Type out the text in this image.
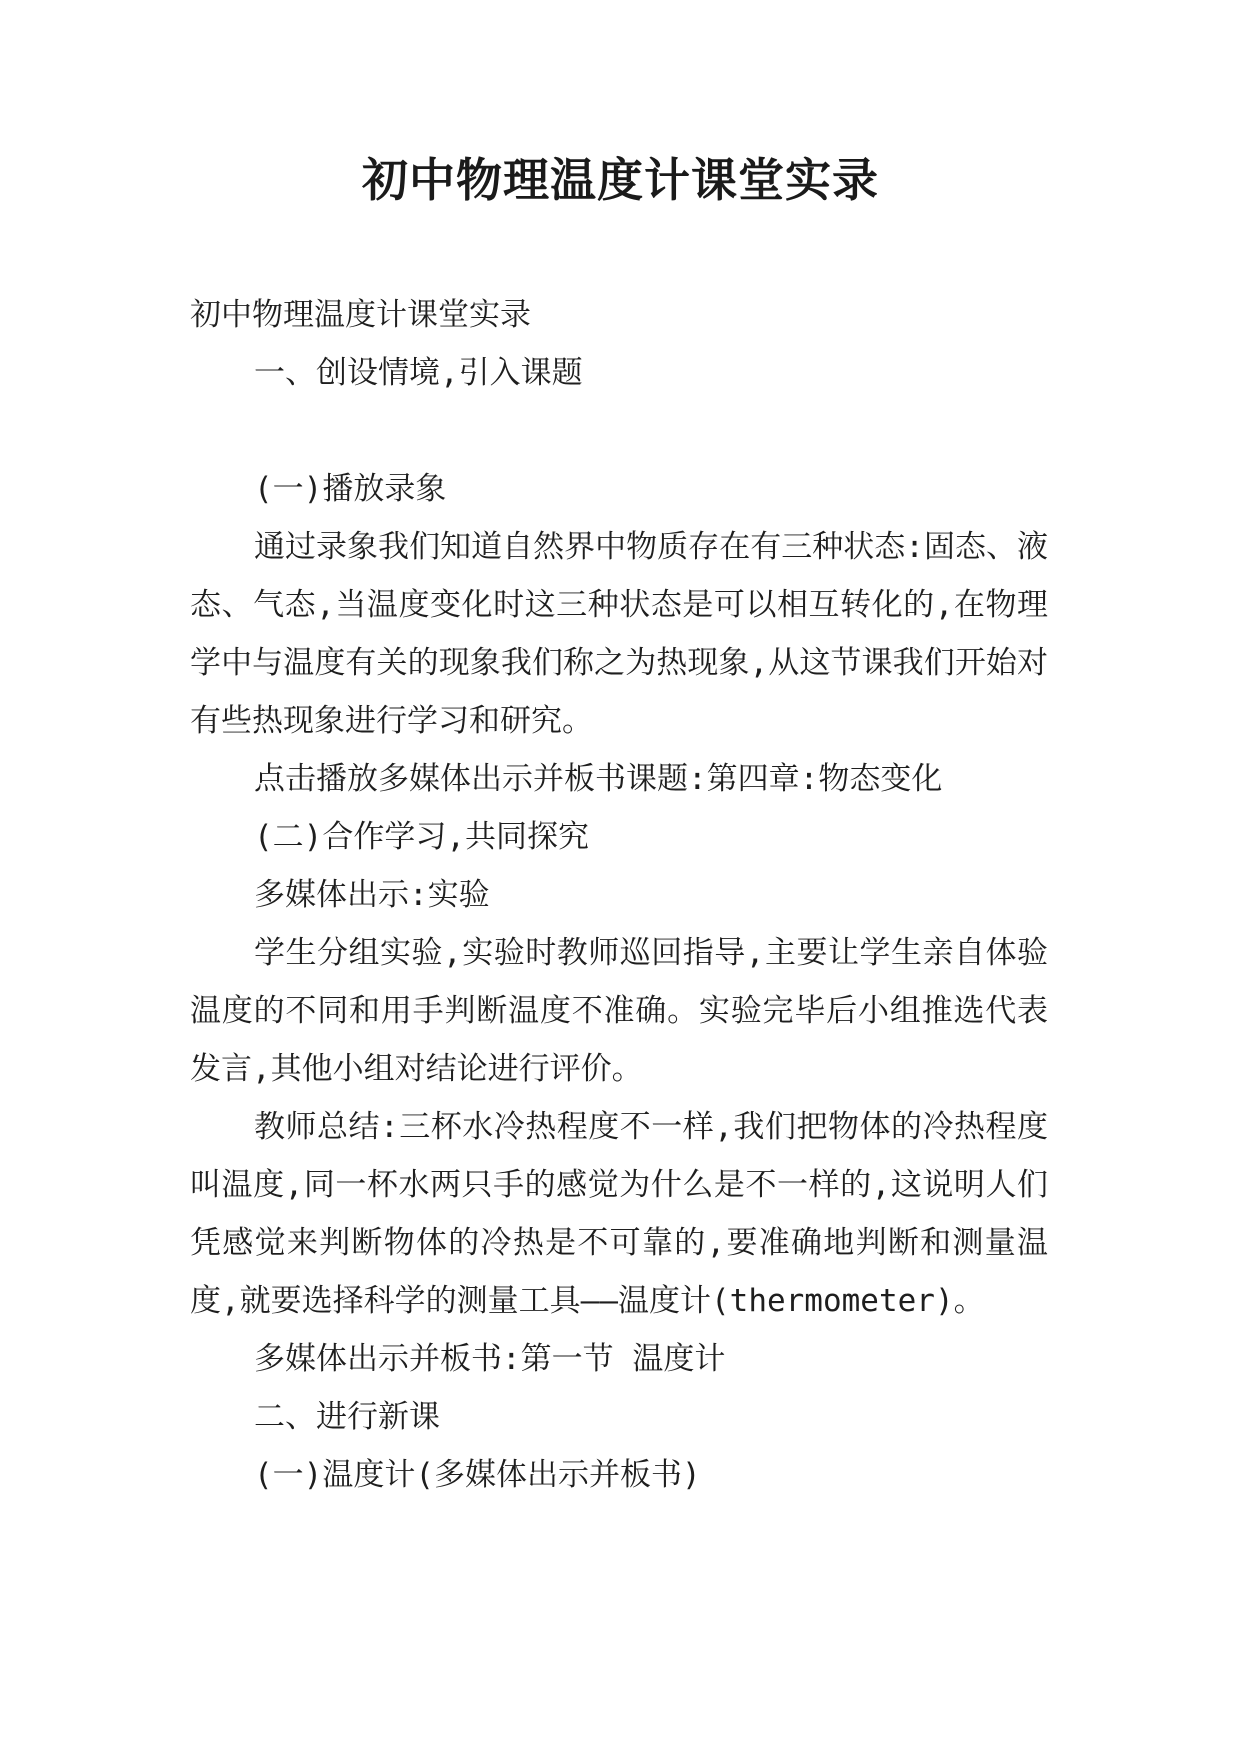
初中物理温度计课堂实录

初中物理温度计课堂实录

一、创设情境,引入课题

(一)播放录象

通过录象我们知道自然界中物质存在有三种状态:固态、液态、气态,当温度变化时这三种状态是可以相互转化的,在物理学中与温度有关的现象我们称之为热现象,从这节课我们开始对有些热现象进行学习和研究。

点击播放多媒体出示并板书课题:第四章:物态变化

(二)合作学习,共同探究

多媒体出示:实验

学生分组实验,实验时教师巡回指导,主要让学生亲自体验温度的不同和用手判断温度不准确。实验完毕后小组推选代表发言,其他小组对结论进行评价。

教师总结:三杯水冷热程度不一样,我们把物体的冷热程度叫温度,同一杯水两只手的感觉为什么是不一样的,这说明人们凭感觉来判断物体的冷热是不可靠的,要准确地判断和测量温度,就要选择科学的测量工具——温度计(thermometer)。

多媒体出示并板书:第一节 温度计

二、进行新课

(一)温度计(多媒体出示并板书)
